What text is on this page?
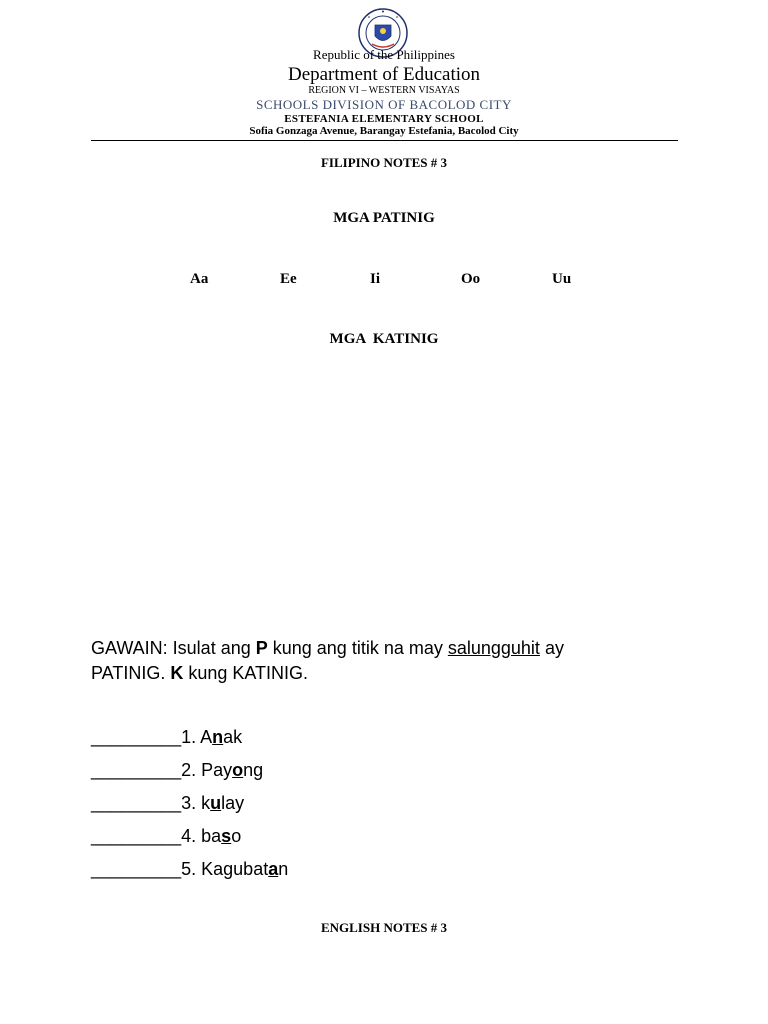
Republic of the Philippines
Department of Education
REGION VI – WESTERN VISAYAS
SCHOOLS DIVISION OF BACOLOD CITY
ESTEFANIA ELEMENTARY SCHOOL
Sofia Gonzaga Avenue, Barangay Estefania, Bacolod City
FILIPINO NOTES # 3
MGA PATINIG
Aa	Ee	Ii	Oo	Uu
MGA  KATINIG
GAWAIN: Isulat ang P kung ang titik na may salungguhit ay
PATINIG. K kung KATINIG.
_________1. Anak
_________2. Payong
_________3. kulay
_________4. baso
_________5. Kagubatan
ENGLISH NOTES # 3
